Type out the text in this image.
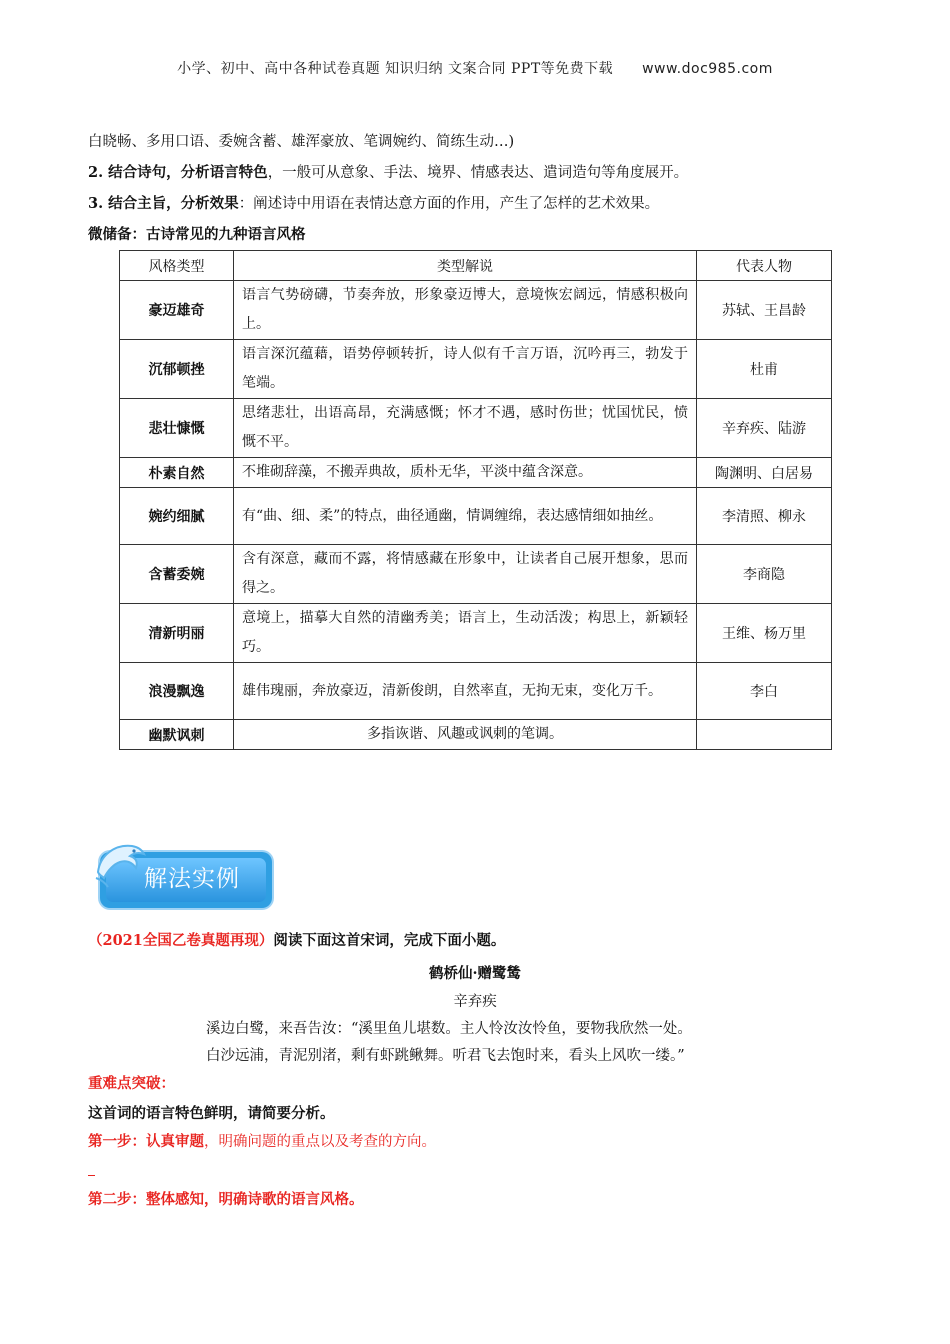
小学、初中、高中各种试卷真题 知识归纳 文案合同 PPT等免费下载 www.doc985.com
白晓畅、多用口语、委婉含蓄、雄浑豪放、笔调婉约、简练生动…)
2. 结合诗句，分析语言特色，一般可从意象、手法、境界、情感表达、遣词造句等角度展开。
3. 结合主旨，分析效果：阐述诗中用语在表情达意方面的作用，产生了怎样的艺术效果。
微储备：古诗常见的九种语言风格
风格类型	类型解说	代表人物
豪迈雄奇	语言气势磅礴，节奏奔放，形象豪迈博大，意境恢宏阔远，情感积极向上。	苏轼、王昌龄
沉郁顿挫	语言深沉蕴藉，语势停顿转折，诗人似有千言万语，沉吟再三，勃发于笔端。	杜甫
悲壮慷慨	思绪悲壮，出语高昂，充满感慨；怀才不遇，感时伤世；忧国忧民，愤慨不平。	辛弃疾、陆游
朴素自然	不堆砌辞藻，不搬弄典故，质朴无华，平淡中蕴含深意。	陶渊明、白居易
婉约细腻	有“曲、细、柔”的特点，曲径通幽，情调缠绵，表达感情细如抽丝。	李清照、柳永
含蓄委婉	含有深意，藏而不露，将情感藏在形象中，让读者自己展开想象，思而得之。	李商隐
清新明丽	意境上，描摹大自然的清幽秀美；语言上，生动活泼；构思上，新颖轻巧。	王维、杨万里
浪漫飘逸	雄伟瑰丽，奔放豪迈，清新俊朗，自然率直，无拘无束，变化万千。	李白
幽默讽刺	多指诙谐、风趣或讽刺的笔调。	
解法实例
（2021全国乙卷真题再现）阅读下面这首宋词，完成下面小题。
鹤桥仙·赠鹭鸶
辛弃疾
溪边白鹭，来吾告汝：“溪里鱼儿堪数。主人怜汝汝怜鱼，要物我欣然一处。
白沙远浦，青泥别渚，剩有虾跳鳅舞。听君飞去饱时来，看头上风吹一缕。”
重难点突破：
这首词的语言特色鲜明，请简要分析。
第一步：认真审题，明确问题的重点以及考查的方向。
第二步：整体感知，明确诗歌的语言风格。
